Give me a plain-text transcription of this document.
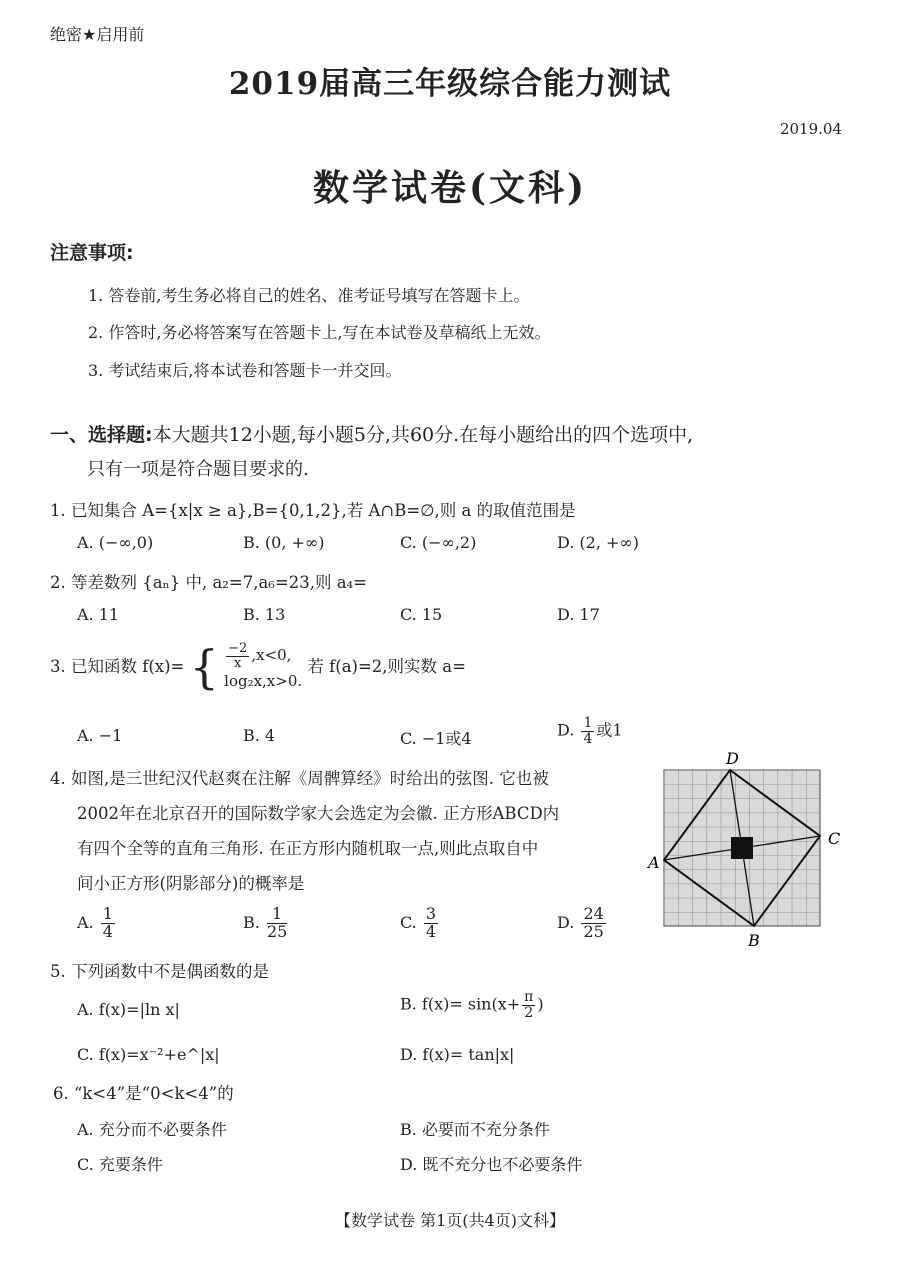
绝密★启用前
2019届高三年级综合能力测试
2019.04
数学试卷(文科)
注意事项:
1. 答卷前,考生务必将自己的姓名、准考证号填写在答题卡上。
2. 作答时,务必将答案写在答题卡上,写在本试卷及草稿纸上无效。
3. 考试结束后,将本试卷和答题卡一并交回。
一、选择题:本大题共12小题,每小题5分,共60分.在每小题给出的四个选项中,
只有一项是符合题目要求的.
1. 已知集合 A={x|x ≥ a},B={0,1,2},若 A∩B=∅,则 a 的取值范围是
A. (−∞,0)	B. (0, +∞)	C. (−∞,2)	D. (2, +∞)
2. 等差数列 {aₙ} 中, a₂=7,a₆=23,则 a₄=
A. 11	B. 13	C. 15	D. 17
3. 已知函数 f(x)= { $\frac{-2}{x} ,x<0$,
log₂x,x>0.
若 f(a)=2,则实数 a=
A. −1	B. 4	C. −1或4	D. $\frac{1}{4}$ 或1
4. 如图,是三世纪汉代赵爽在注解《周髀算经》时给出的弦图. 它也被
2002年在北京召开的国际数学家大会选定为会徽. 正方形ABCD内
有四个全等的直角三角形. 在正方形内随机取一点,则此点取自中
间小正方形(阴影部分)的概率是
A. $\frac{1}{4}$	B. $\frac{1}{25}$	C. $\frac{3}{4}$	D. $\frac{24}{25}$
D
C
A
B
5. 下列函数中不是偶函数的是
A. f(x)=|ln x|	B. $f(x)= \sin(x+ \frac{\pi}{2}$ )
C. f(x)=x⁻²+e^|x|	D. f(x)= tan|x|
6. “k<4”是“0<k<4”的
A. 充分而不必要条件	B. 必要而不充分条件
C. 充要条件	D. 既不充分也不必要条件
【数学试卷 第1页(共4页)文科】
